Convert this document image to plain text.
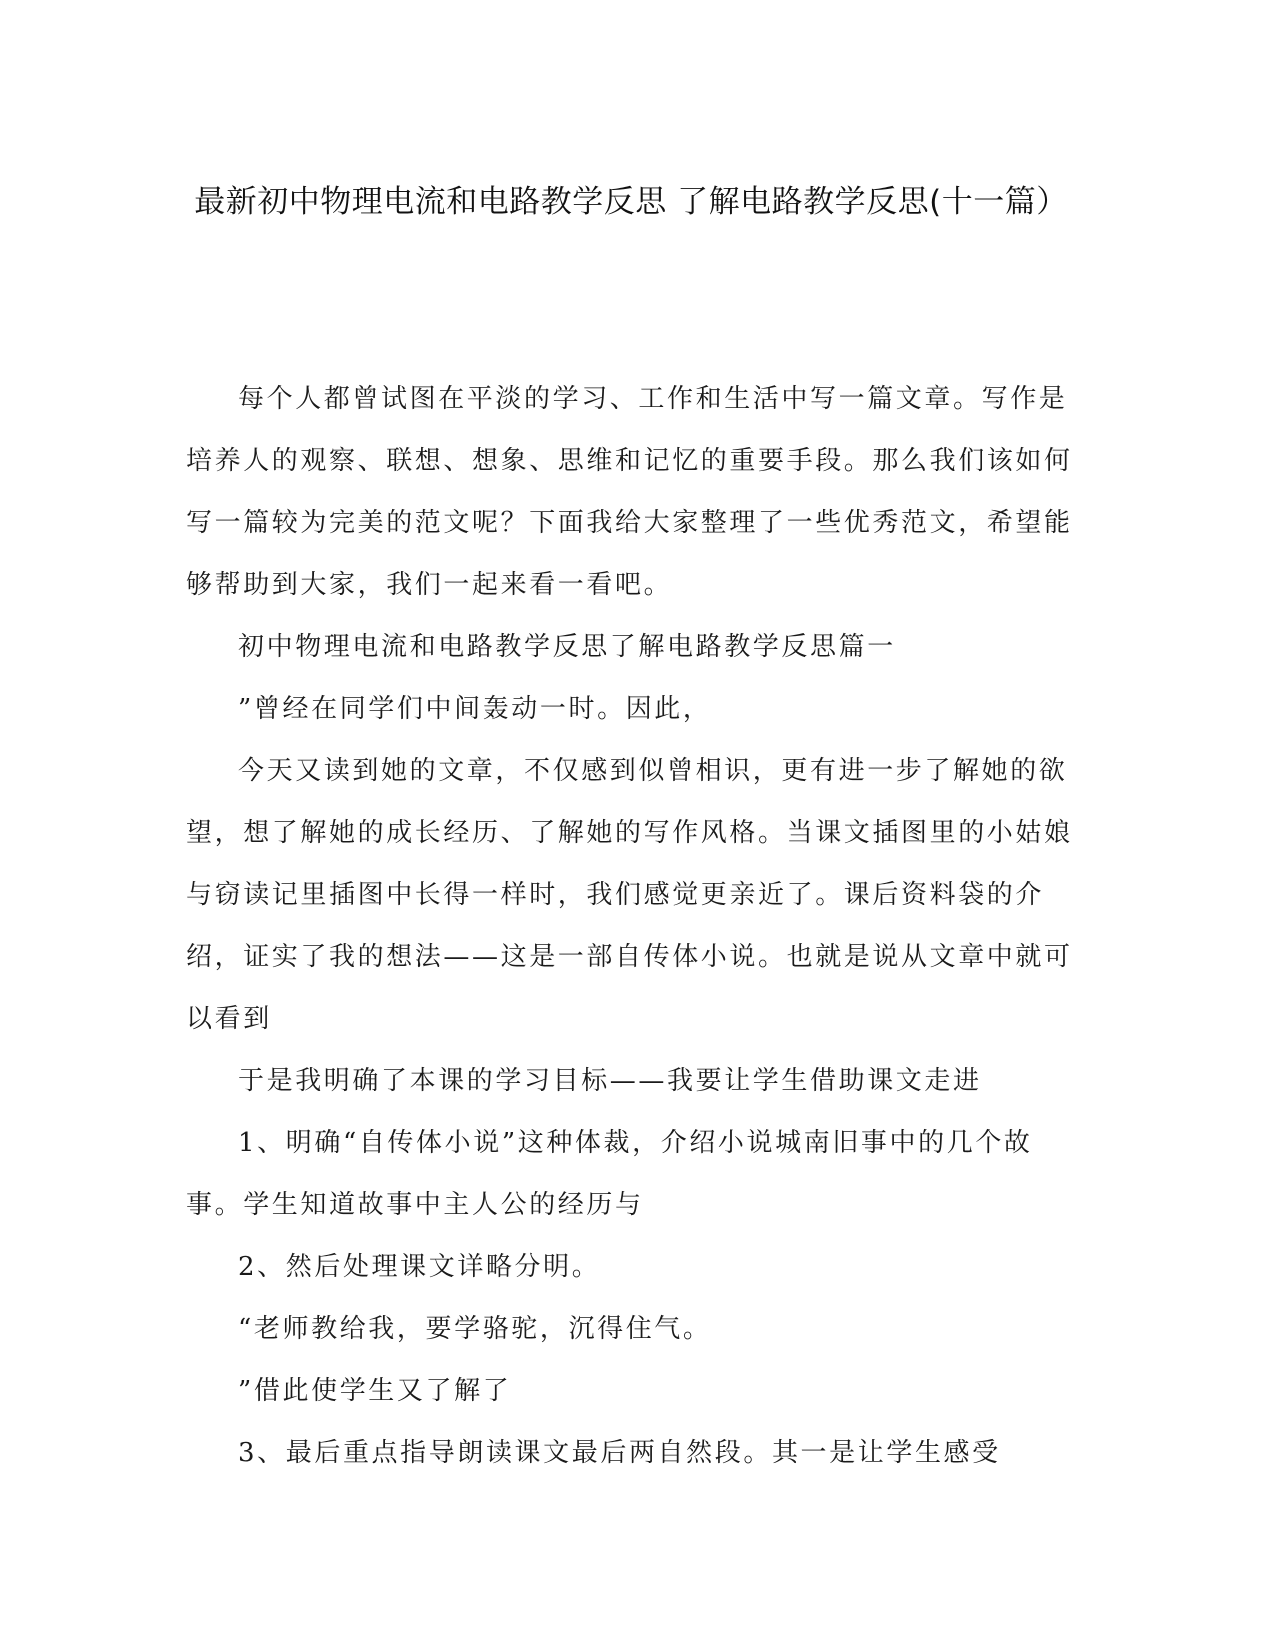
最新初中物理电流和电路教学反思 了解电路教学反思(十一篇）

每个人都曾试图在平淡的学习、工作和生活中写一篇文章。写作是培养人的观察、联想、想象、思维和记忆的重要手段。那么我们该如何写一篇较为完美的范文呢？下面我给大家整理了一些优秀范文，希望能够帮助到大家，我们一起来看一看吧。

初中物理电流和电路教学反思了解电路教学反思篇一

”曾经在同学们中间轰动一时。因此，

今天又读到她的文章，不仅感到似曾相识，更有进一步了解她的欲望，想了解她的成长经历、了解她的写作风格。当课文插图里的小姑娘与窃读记里插图中长得一样时，我们感觉更亲近了。课后资料袋的介绍，证实了我的想法——这是一部自传体小说。也就是说从文章中就可以看到

于是我明确了本课的学习目标——我要让学生借助课文走进

1、明确“自传体小说”这种体裁，介绍小说城南旧事中的几个故事。学生知道故事中主人公的经历与

2、然后处理课文详略分明。

“老师教给我，要学骆驼，沉得住气。

”借此使学生又了解了

3、最后重点指导朗读课文最后两自然段。其一是让学生感受
